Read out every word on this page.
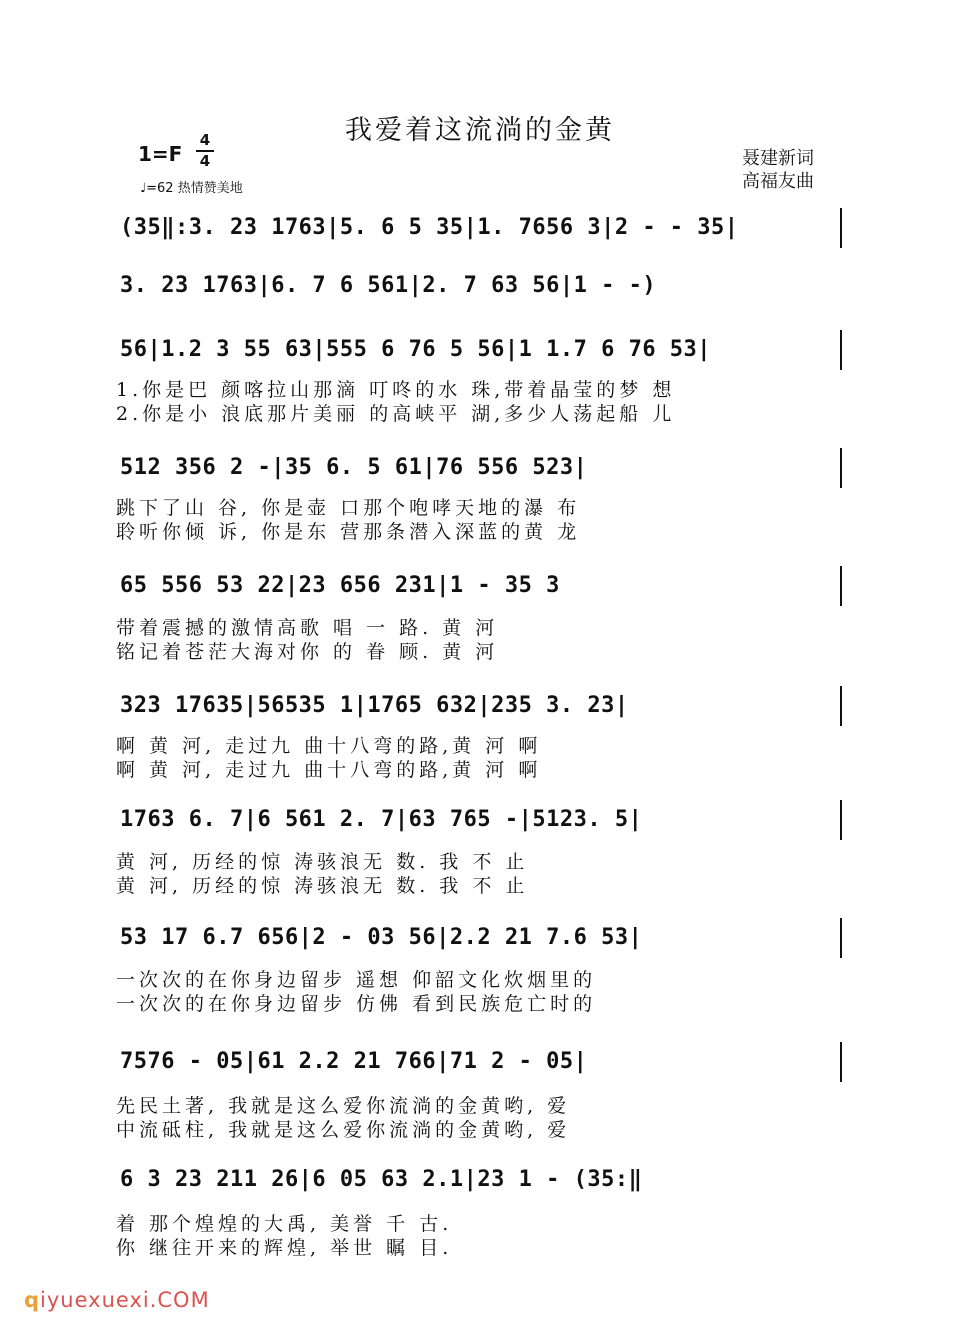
我爱着这流淌的金黄
1=F
4
4
♩=62 热情赞美地
聂建新词
高福友曲
(35‖:3. 23 1763|5. 6 5 35|1. 7656 3|2 - - 35|
3. 23 1763|6. 7 6 561|2. 7 63 56|1 - -)
56|1.2 3 55 63|555 6 76 5 56|1 1.7 6 76 53|
1.你是巴 颜喀拉山那滴 叮咚的水 珠,带着晶莹的梦 想
2.你是小 浪底那片美丽 的高峡平 湖,多少人荡起船 儿
512 356 2 -|35 6. 5 61|76 556 523|
跳下了山 谷, 你是壶 口那个咆哮天地的瀑 布
聆听你倾 诉, 你是东 营那条潜入深蓝的黄 龙
65 556 53 22|23 656 231|1 - 35 3
带着震撼的激情高歌 唱 一 路. 黄 河
铭记着苍茫大海对你 的 眷 顾. 黄 河
323 17635|56535 1|1765 632|235 3. 23|
啊 黄 河, 走过九 曲十八弯的路,黄 河 啊
啊 黄 河, 走过九 曲十八弯的路,黄 河 啊
1763 6. 7|6 561 2. 7|63 765 -|5123. 5|
黄 河, 历经的惊 涛骇浪无 数. 我 不 止
黄 河, 历经的惊 涛骇浪无 数. 我 不 止
53 17 6.7 656|2 - 03 56|2.2 21 7.6 53|
一次次的在你身边留步 遥想 仰韶文化炊烟里的
一次次的在你身边留步 仿佛 看到民族危亡时的
7576 - 05|61 2.2 21 766|71 2 - 05|
先民土著, 我就是这么爱你流淌的金黄哟, 爱
中流砥柱, 我就是这么爱你流淌的金黄哟, 爱
6 3 23 211 26|6 05 63 2.1|23 1 - (35:‖
着 那个煌煌的大禹, 美誉 千 古.
你 继往开来的辉煌, 举世 瞩 目.
qiyuexuexi.COM
